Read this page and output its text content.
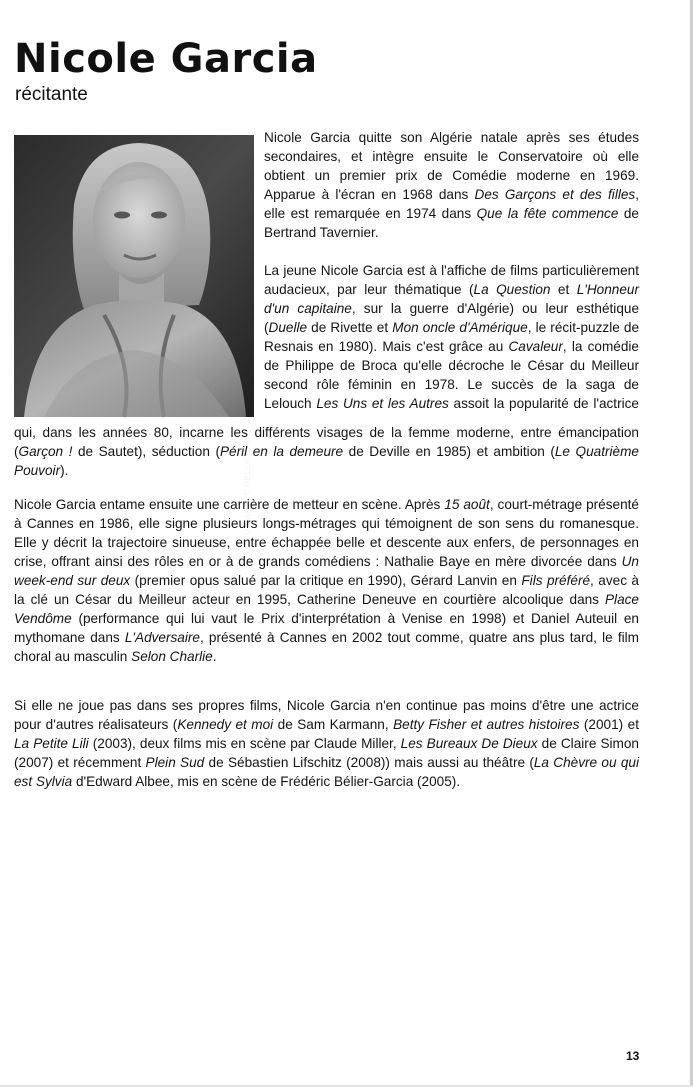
Nicole Garcia
récitante
© CAROLE BELLAÏCHE

Nicole Garcia quitte son Algérie natale après ses études secondaires, et intègre ensuite le Conservatoire où elle obtient un premier prix de Comédie moderne en 1969. Apparue à l'écran en 1968 dans Des Garçons et des filles, elle est remarquée en 1974 dans Que la fête commence de Bertrand Tavernier.

La jeune Nicole Garcia est à l'affiche de films particulièrement audacieux, par leur thématique (La Question et L'Honneur d'un capitaine, sur la guerre d'Algérie) ou leur esthétique (Duelle de Rivette et Mon oncle d'Amérique, le récit-puzzle de Resnais en 1980). Mais c'est grâce au Cavaleur, la comédie de Philippe de Broca qu'elle décroche le César du Meilleur second rôle féminin en 1978. Le succès de la saga de Lelouch Les Uns et les Autres assoit la popularité de l'actrice

qui, dans les années 80, incarne les différents visages de la femme moderne, entre émancipation (Garçon ! de Sautet), séduction (Péril en la demeure de Deville en 1985) et ambition (Le Quatrième Pouvoir).

Nicole Garcia entame ensuite une carrière de metteur en scène. Après 15 août, court-métrage présenté à Cannes en 1986, elle signe plusieurs longs-métrages qui témoignent de son sens du romanesque. Elle y décrit la trajectoire sinueuse, entre échappée belle et descente aux enfers, de personnages en crise, offrant ainsi des rôles en or à de grands comédiens : Nathalie Baye en mère divorcée dans Un week-end sur deux (premier opus salué par la critique en 1990), Gérard Lanvin en Fils préféré, avec à la clé un César du Meilleur acteur en 1995, Catherine Deneuve en courtière alcoolique dans Place Vendôme (performance qui lui vaut le Prix d'interprétation à Venise en 1998) et Daniel Auteuil en mythomane dans L'Adversaire, présenté à Cannes en 2002 tout comme, quatre ans plus tard, le film choral au masculin Selon Charlie.

Si elle ne joue pas dans ses propres films, Nicole Garcia n'en continue pas moins d'être une actrice pour d'autres réalisateurs (Kennedy et moi de Sam Karmann, Betty Fisher et autres histoires (2001) et La Petite Lili (2003), deux films mis en scène par Claude Miller, Les Bureaux De Dieux de Claire Simon (2007) et récemment Plein Sud de Sébastien Lifschitz (2008)) mais aussi au théâtre (La Chèvre ou qui est Sylvia d'Edward Albee, mis en scène de Frédéric Bélier-Garcia (2005).

13
